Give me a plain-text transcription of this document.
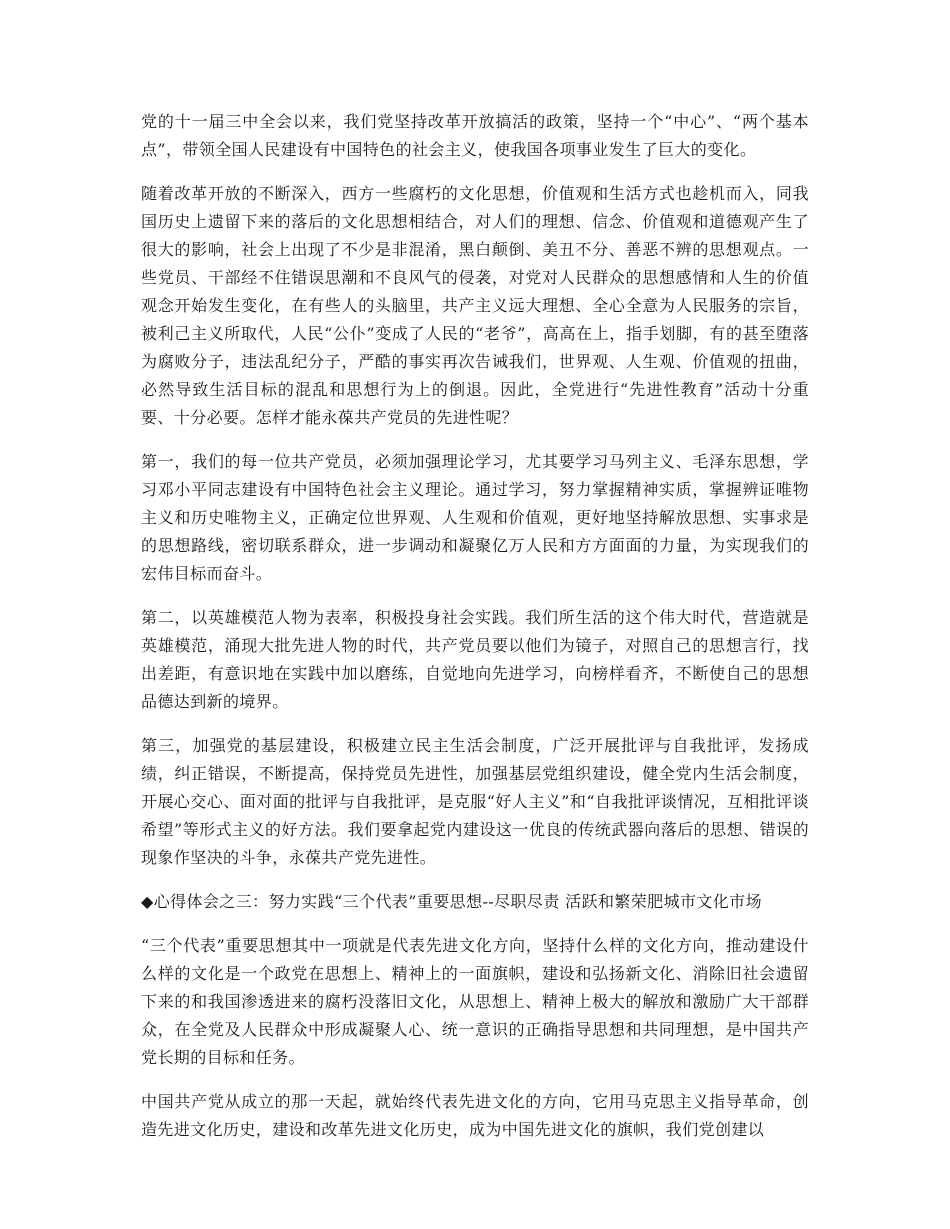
党的十一届三中全会以来，我们党坚持改革开放搞活的政策，坚持一个“中心”、“两个基本点”，带领全国人民建设有中国特色的社会主义，使我国各项事业发生了巨大的变化。

随着改革开放的不断深入，西方一些腐朽的文化思想，价值观和生活方式也趁机而入，同我国历史上遗留下来的落后的文化思想相结合，对人们的理想、信念、价值观和道德观产生了很大的影响，社会上出现了不少是非混淆，黑白颠倒、美丑不分、善恶不辨的思想观点。一些党员、干部经不住错误思潮和不良风气的侵袭，对党对人民群众的思想感情和人生的价值观念开始发生变化，在有些人的头脑里，共产主义远大理想、全心全意为人民服务的宗旨，被利己主义所取代，人民“公仆”变成了人民的“老爷”，高高在上，指手划脚，有的甚至堕落为腐败分子，违法乱纪分子，严酷的事实再次告诫我们，世界观、人生观、价值观的扭曲，必然导致生活目标的混乱和思想行为上的倒退。因此，全党进行“先进性教育”活动十分重要、十分必要。怎样才能永葆共产党员的先进性呢？

第一，我们的每一位共产党员，必须加强理论学习，尤其要学习马列主义、毛泽东思想，学习邓小平同志建设有中国特色社会主义理论。通过学习，努力掌握精神实质，掌握辨证唯物主义和历史唯物主义，正确定位世界观、人生观和价值观，更好地坚持解放思想、实事求是的思想路线，密切联系群众，进一步调动和凝聚亿万人民和方方面面的力量，为实现我们的宏伟目标而奋斗。

第二，以英雄模范人物为表率，积极投身社会实践。我们所生活的这个伟大时代，营造就是英雄模范，涌现大批先进人物的时代，共产党员要以他们为镜子，对照自己的思想言行，找出差距，有意识地在实践中加以磨练，自觉地向先进学习，向榜样看齐，不断使自己的思想品德达到新的境界。

第三，加强党的基层建设，积极建立民主生活会制度，广泛开展批评与自我批评，发扬成绩，纠正错误，不断提高，保持党员先进性，加强基层党组织建设，健全党内生活会制度，开展心交心、面对面的批评与自我批评，是克服“好人主义”和“自我批评谈情况，互相批评谈希望”等形式主义的好方法。我们要拿起党内建设这一优良的传统武器向落后的思想、错误的现象作坚决的斗争，永葆共产党先进性。

◆心得体会之三：努力实践“三个代表”重要思想--尽职尽责 活跃和繁荣肥城市文化市场

“三个代表”重要思想其中一项就是代表先进文化方向，坚持什么样的文化方向，推动建设什么样的文化是一个政党在思想上、精神上的一面旗帜，建设和弘扬新文化、消除旧社会遗留下来的和我国渗透进来的腐朽没落旧文化，从思想上、精神上极大的解放和激励广大干部群众，在全党及人民群众中形成凝聚人心、统一意识的正确指导思想和共同理想，是中国共产党长期的目标和任务。

中国共产党从成立的那一天起，就始终代表先进文化的方向，它用马克思主义指导革命，创造先进文化历史，建设和改革先进文化历史，成为中国先进文化的旗帜，我们党创建以
